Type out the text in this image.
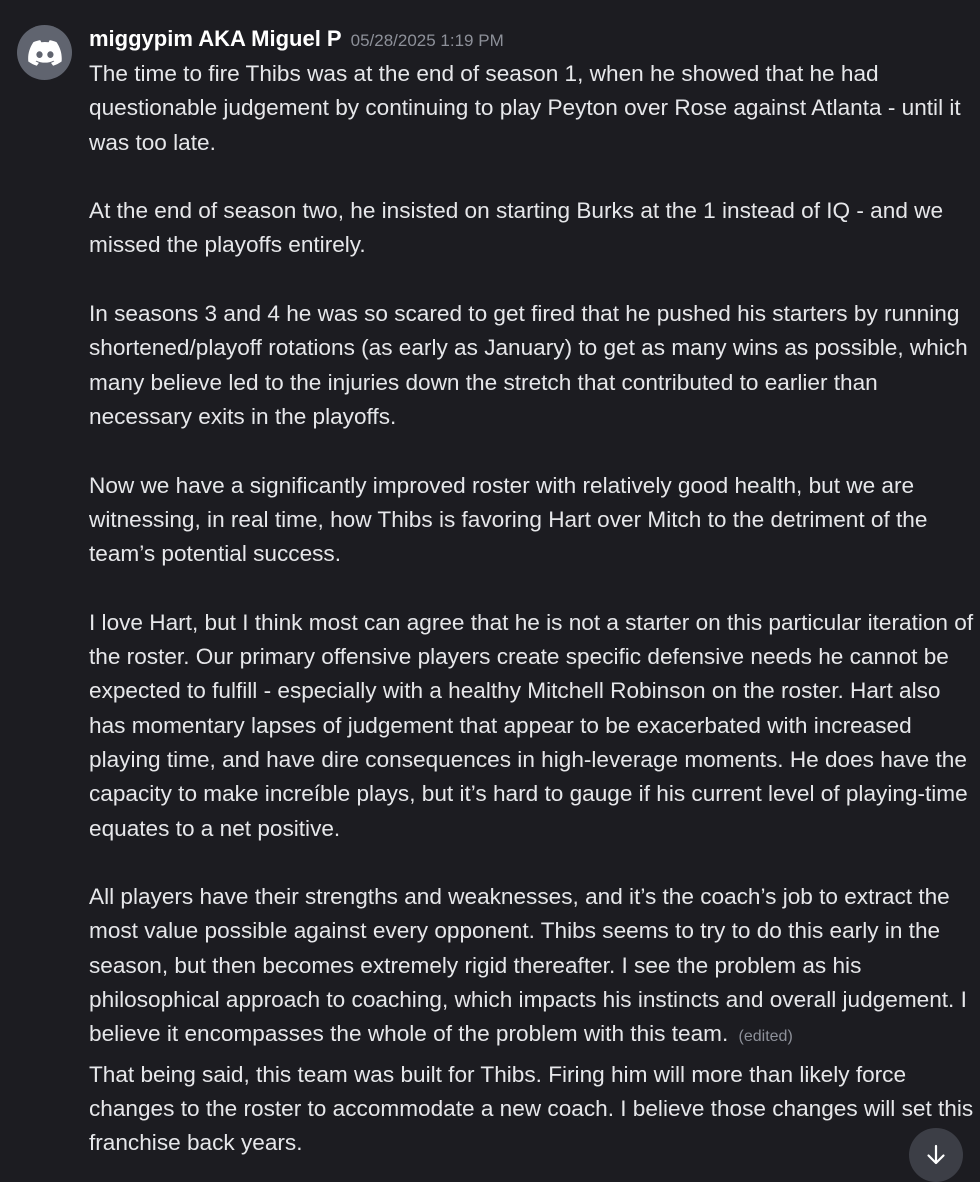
miggypim AKA Miguel P 05/28/2025 1:19 PM

The time to fire Thibs was at the end of season 1, when he showed that he had questionable judgement by continuing to play Peyton over Rose against Atlanta - until it was too late.

At the end of season two, he insisted on starting Burks at the 1 instead of IQ - and we missed the playoffs entirely.

In seasons 3 and 4 he was so scared to get fired that he pushed his starters by running shortened/playoff rotations (as early as January) to get as many wins as possible, which many believe led to the injuries down the stretch that contributed to earlier than necessary exits in the playoffs.

Now we have a significantly improved roster with relatively good health, but we are witnessing, in real time, how Thibs is favoring Hart over Mitch to the detriment of the team’s potential success.

I love Hart, but I think most can agree that he is not a starter on this particular iteration of the roster. Our primary offensive players create specific defensive needs he cannot be expected to fulfill - especially with a healthy Mitchell Robinson on the roster. Hart also has momentary lapses of judgement that appear to be exacerbated with increased playing time, and have dire consequences in high-leverage moments. He does have the capacity to make increíble plays, but it’s hard to gauge if his current level of playing-time equates to a net positive.

All players have their strengths and weaknesses, and it’s the coach’s job to extract the most value possible against every opponent. Thibs seems to try to do this early in the season, but then becomes extremely rigid thereafter. I see the problem as his philosophical approach to coaching, which impacts his instincts and overall judgement. I believe it encompasses the whole of the problem with this team. (edited)

That being said, this team was built for Thibs. Firing him will more than likely force changes to the roster to accommodate a new coach. I believe those changes will set this franchise back years.
